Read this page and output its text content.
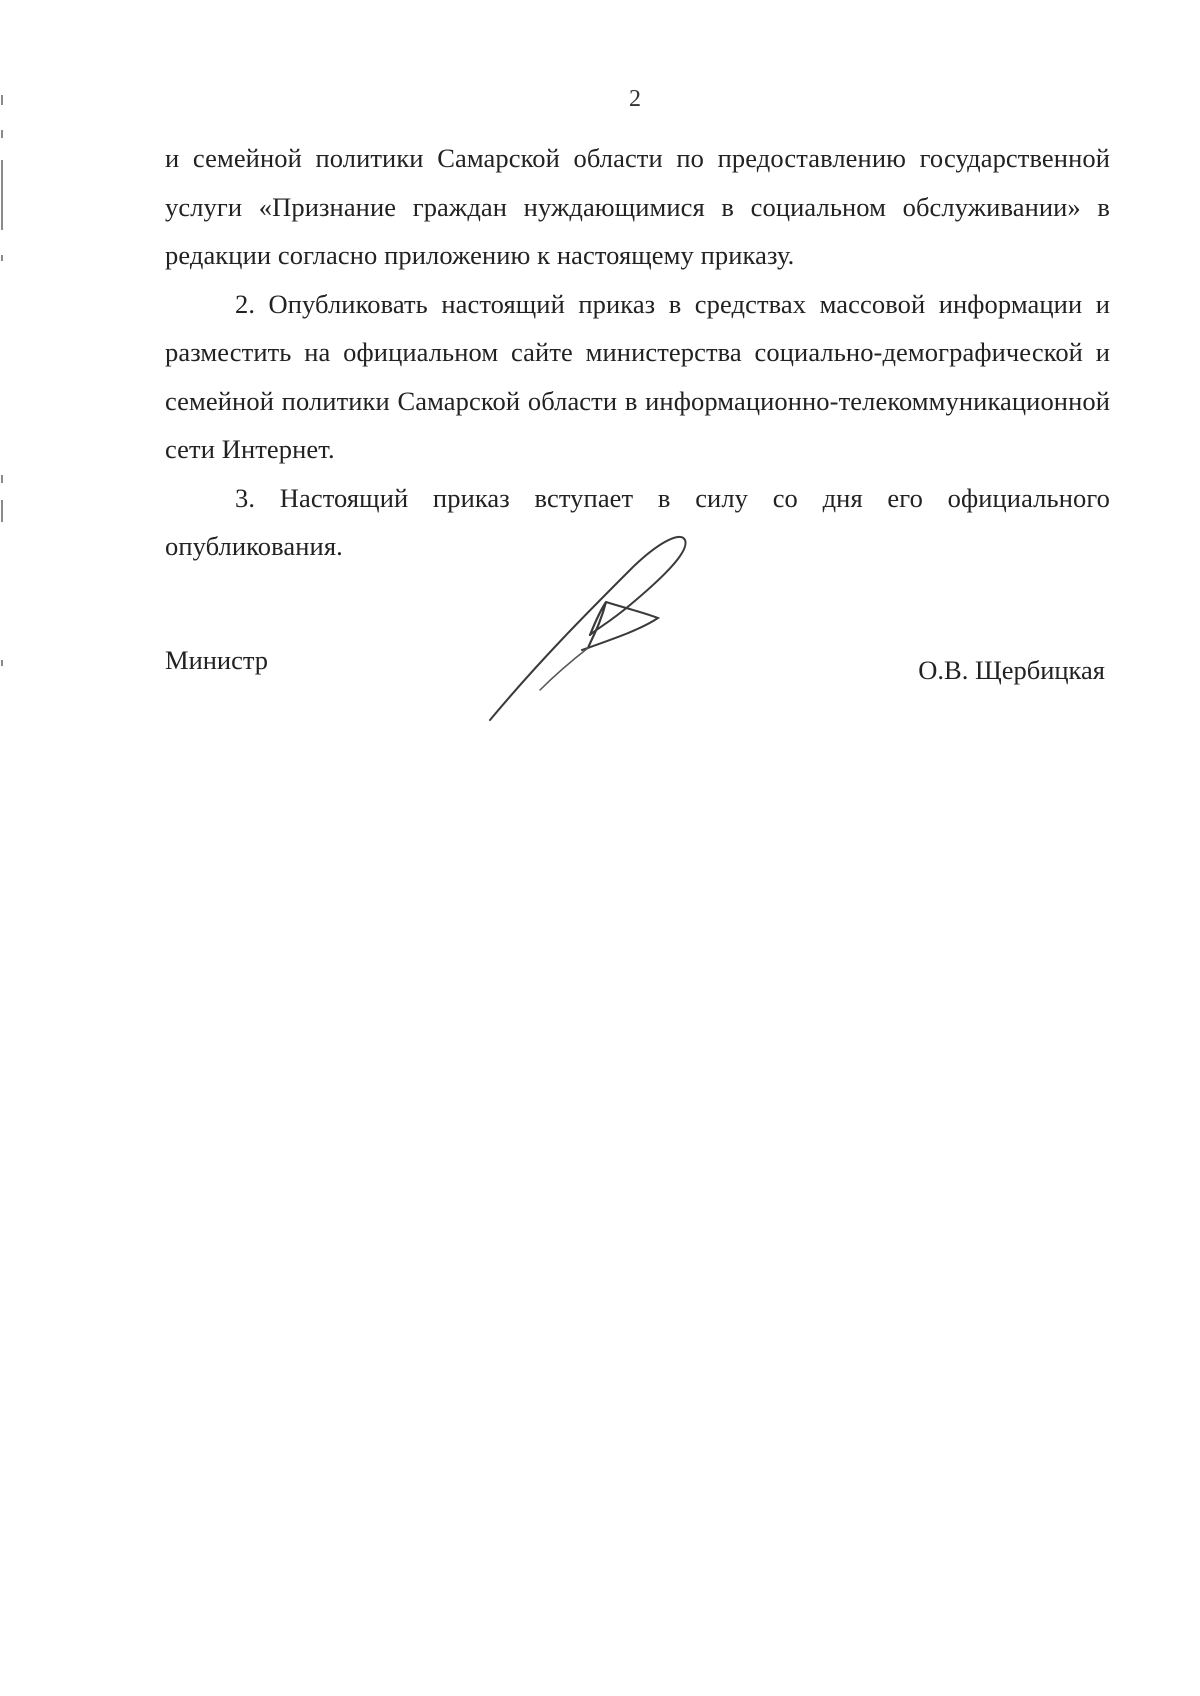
2

и семейной политики Самарской области по предоставлению государственной услуги «Признание граждан нуждающимися в социальном обслуживании» в редакции согласно приложению к настоящему приказу.

2. Опубликовать настоящий приказ в средствах массовой информации и разместить на официальном сайте министерства социально-демографической и семейной политики Самарской области в информационно-телекоммуникационной сети Интернет.

3. Настоящий приказ вступает в силу со дня его официального опубликования.

Министр	О.В. Щербицкая
